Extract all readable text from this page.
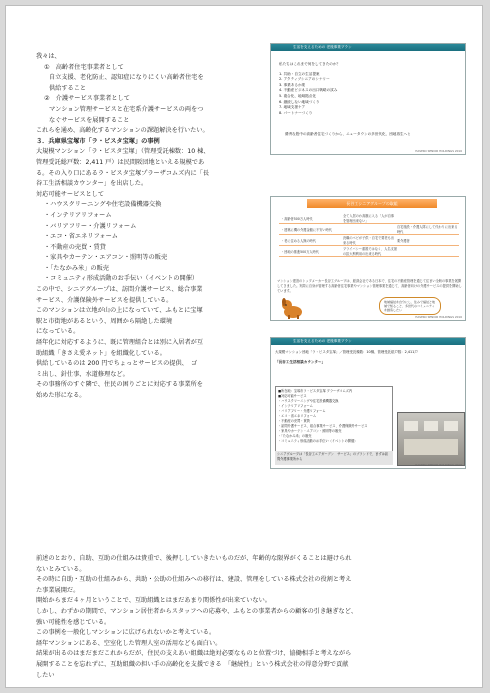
我々は、
①　高齢者住宅事業者として
自立支援、老化防止、認知症になりにくい高齢者住宅を
供給すること
②　介護サービス事業者として
マンション管理サービスと在宅系介護サービスの両をつ
なぐサービスを展開すること
これらを通め、高齢化するマンションの課題解決を行いたい。
３．兵庫県宝塚市「ラ・ビスタ宝塚」の事例
大規模マンション「ラ・ビスタ宝塚」（管理受託棟数：10 棟、
管理受託総戸数：2,411 戸）は民間阪団地といえる規模であ
る。その入り口にあるラ・ビスタ宝塚プラーザコムズ内に「長
谷工生活相談カウンター」を出店した。
対応可能サービスとして
・ハウスクリーニングや住宅設備機器交換
・インテリアリフォーム
・バリアフリー・介護リフォーム
・エコ・省エネリフォーム
・不動産の売買・賃貸
・家具やカーテン・エアコン・照明等の販売
・「たなかみ米」の販売
・コミュニティ形成活動のお手伝い（イベントの開催）
この中で、シニアグループは、訪問介護サービス、総合事業
サービス、介護保険外サービスを提供している。
このマンションは立地が山の上になっていて、ふもとに宝塚
駅と市街地があるという、周囲から隔絶した環境
になっている。
経年化に対応するように、既に管理組合とは別に入居者が互
助組織「きさえ愛ネット」を組織化している。
供給しているのは 200 円でちょっとサービスの提供、　ゴ
ミ出し、針仕事、水道修理など。
その事務所のすぐ隣で、住民の困りごとに対応する事業所を
始めた形になる。
生活を支えるための 老後事業プラン
私たちはこれまで何をしてきたのか？
1. 共助・自立の生活提案
2. アクティブシニアのシナリー
3. 事業あるか業
4. 不動産ビジネスの出口戦略の試み
5. 複合化、地域拠点化
6. 継続しない地域づくり
7. 地域支援ケア
8. パートナーづくり
優秀な股中の高齢者住宅づくりから、ニュータウンの多世代化、団地再生へと
HASEKO SENIOR HOLDINGS 2016
長谷工シニアグループの取組
・高齢者500万人時代
全て入居のわ高額に入る「人が自事を管理出来ない」
・建築に機の介護金額に不安い時代
自宅施設・介護人隊にして代わりに出来る時代
・老に住める人無の時代
決職のベビが子供・自宅で要老も出来る時代
要介護者
・団地の推進500万人時代
プライバシー重視ではなく、人名支援の拡大利利用の出来る時代
マンション建設のトップメーカー長谷工グループは、経済会社である日本で、住宅の不動産管理を通じて住まい全般の事業を展開してきました。実際に自身が管理する高齢者住宅事業やマンション管理事業を通じて、高齢者向けの介護サービスの提供を開始しています。
地域福祉を自分にし、住みで福祉と地域で知ること、多世代のコミュニティを創造したい
HASEKO SENIOR HOLDINGS 2016
生活を支えるための 老後事業プラン
大規模マンション団地「ラ・ビスタ宝塚」／管理受託棟数：10棟、管理受託総戸数：2,411戸
「長谷工生活相談カウンター」
■所在地：宝塚市ラ・ビスタ宝塚 プラーザコムズ内
■対応可能サービス
・ハウスクリーニングや住宅設備機器交換
・インテリアリフォーム
・バリアフリー・介護リフォーム
・エコ・省エネリフォーム
・不動産の売買・賃貸
・訪問介護サービス、総合事業サービス、介護保険外サービス
・家具やカーテン・エアコン・照明等の販売
・「たなかみ米」の販売
・コミュニティ形成活動のお手伝い（イベントの開催）
シニアグループは「長谷工エアガーデン　サービス」のブランドで、まずは訪問介護事業所から
HASEKO SENIOR HOLDINGS 2016
前述のとおり、自助、互助の仕組みは貴重で、後押ししていきたいものだが、年齢的な限界がくることは避けられ
ないとみている。
その時に自助・互助の仕組みから、共助・公助の仕組みへの移行は、建設、管理をしている株式会社の役割と考え
た事業展開だ。
開始からまだ４ヶ月ということで、互助組織とはまだあまり関係性が出来ていない。
しかし、わずかの期間で、マンション居住者からスタッフへの応募や、ふもとの事業者からの顧客の引き継ぎなど、
強い可能性を感じている。
この事例を一般化しマンションに広げられないかと考えている。
経年マンションにある、空室化した管理人室の活用なども面白い。
結果が出るのはまだまだこれからだが、住民の支えあい組織は絶対必要なものと位置づけ、協働相手と考えながら
展開することを忘れずに、互助組織の担い手の高齢化を支援できる　「継続性」という株式会社の得意分野で貢献
したい
